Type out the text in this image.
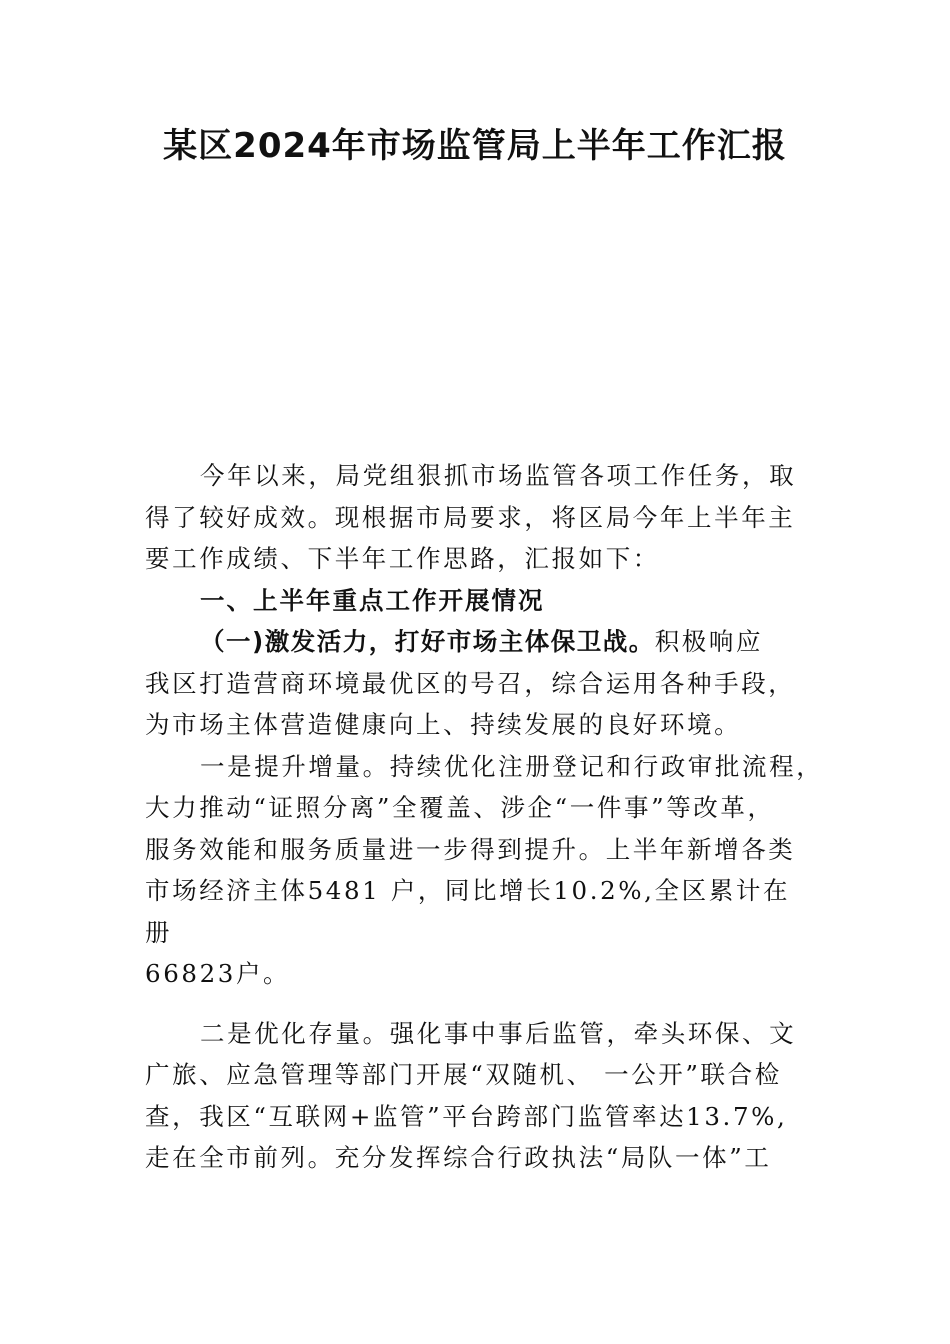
某区2024年市场监管局上半年工作汇报
今年以来，局党组狠抓市场监管各项工作任务，取
得了较好成效。现根据市局要求，将区局今年上半年主
要工作成绩、下半年工作思路，汇报如下：
一、上半年重点工作开展情况
（一)激发活力，打好市场主体保卫战。积极响应
我区打造营商环境最优区的号召，综合运用各种手段，
为市场主体营造健康向上、持续发展的良好环境。
一是提升增量。持续优化注册登记和行政审批流程，
大力推动“证照分离”全覆盖、涉企“一件事”等改革，
服务效能和服务质量进一步得到提升。上半年新增各类
市场经济主体5481 户，同比增长10.2%,全区累计在
册
66823户。
二是优化存量。强化事中事后监管，牵头环保、文
广旅、应急管理等部门开展“双随机、 一公开”联合检
查，我区“互联网+监管”平台跨部门监管率达13.7%,
走在全市前列。充分发挥综合行政执法“局队一体”工
